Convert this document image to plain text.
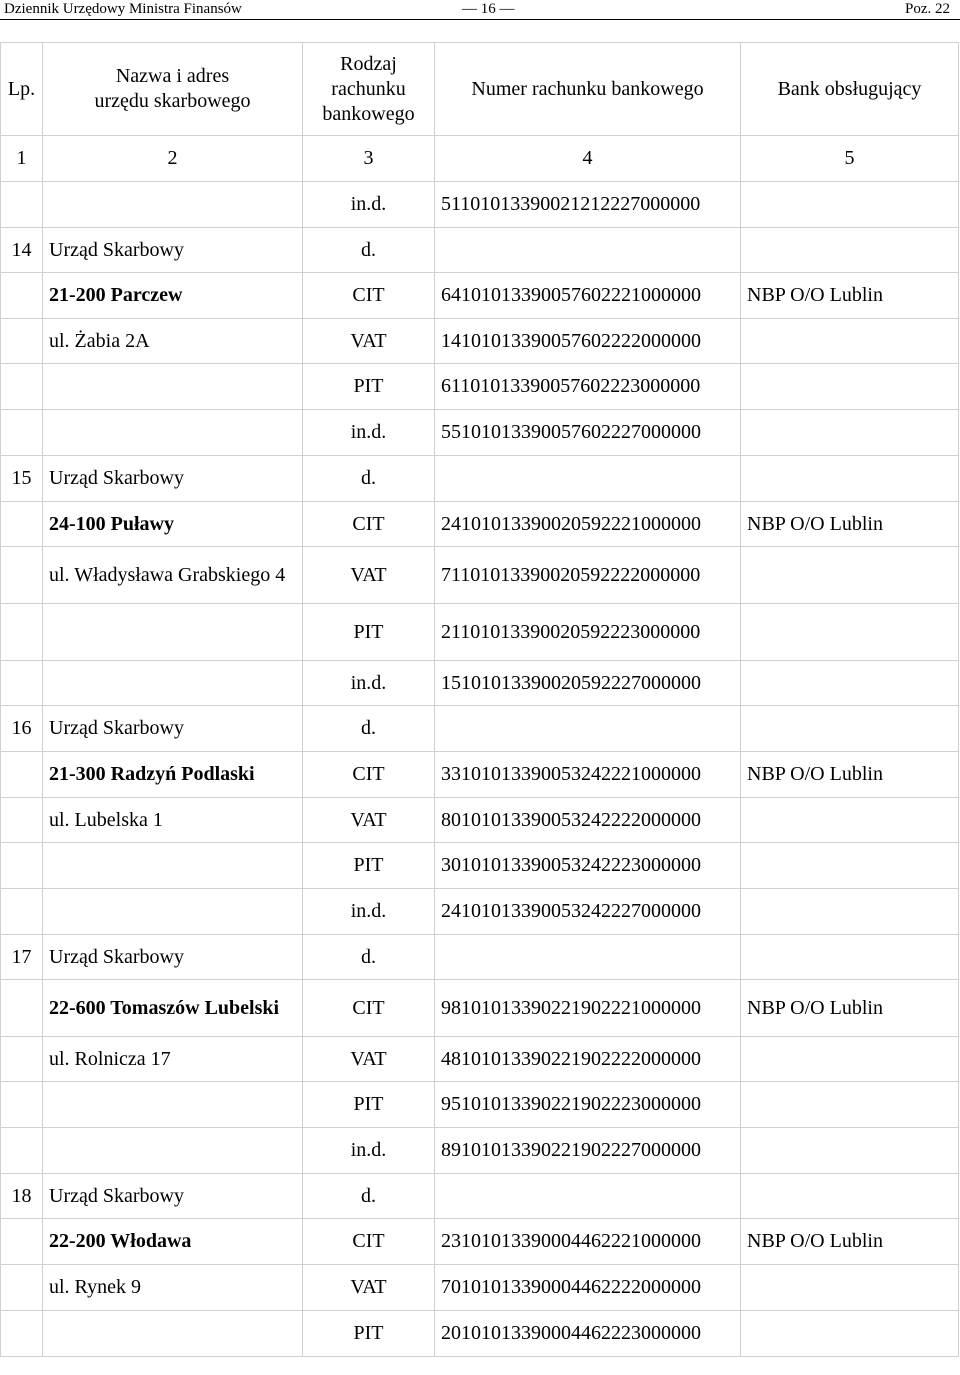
Dziennik Urzędowy Ministra Finansów	— 16 —	Poz. 22
Lp.	Nazwa i adres urzędu skarbowego	Rodzaj rachunku bankowego	Numer rachunku bankowego	Bank obsługujący
1	2	3	4	5
		in.d.	51101013390021212227000000	
14	Urząd Skarbowy	d.		
	21-200 Parczew	CIT	64101013390057602221000000	NBP O/O Lublin
	ul. Żabia 2A	VAT	14101013390057602222000000	
		PIT	61101013390057602223000000	
		in.d.	55101013390057602227000000	
15	Urząd Skarbowy	d.		
	24-100 Puławy	CIT	24101013390020592221000000	NBP O/O Lublin
	ul. Władysława Grabskiego 4	VAT	71101013390020592222000000	
		PIT	21101013390020592223000000	
		in.d.	15101013390020592227000000	
16	Urząd Skarbowy	d.		
	21-300 Radzyń Podlaski	CIT	33101013390053242221000000	NBP O/O Lublin
	ul. Lubelska 1	VAT	80101013390053242222000000	
		PIT	30101013390053242223000000	
		in.d.	24101013390053242227000000	
17	Urząd Skarbowy	d.		
	22-600 Tomaszów Lubelski	CIT	98101013390221902221000000	NBP O/O Lublin
	ul. Rolnicza 17	VAT	48101013390221902222000000	
		PIT	95101013390221902223000000	
		in.d.	89101013390221902227000000	
18	Urząd Skarbowy	d.		
	22-200 Włodawa	CIT	23101013390004462221000000	NBP O/O Lublin
	ul. Rynek 9	VAT	70101013390004462222000000	
		PIT	20101013390004462223000000	
